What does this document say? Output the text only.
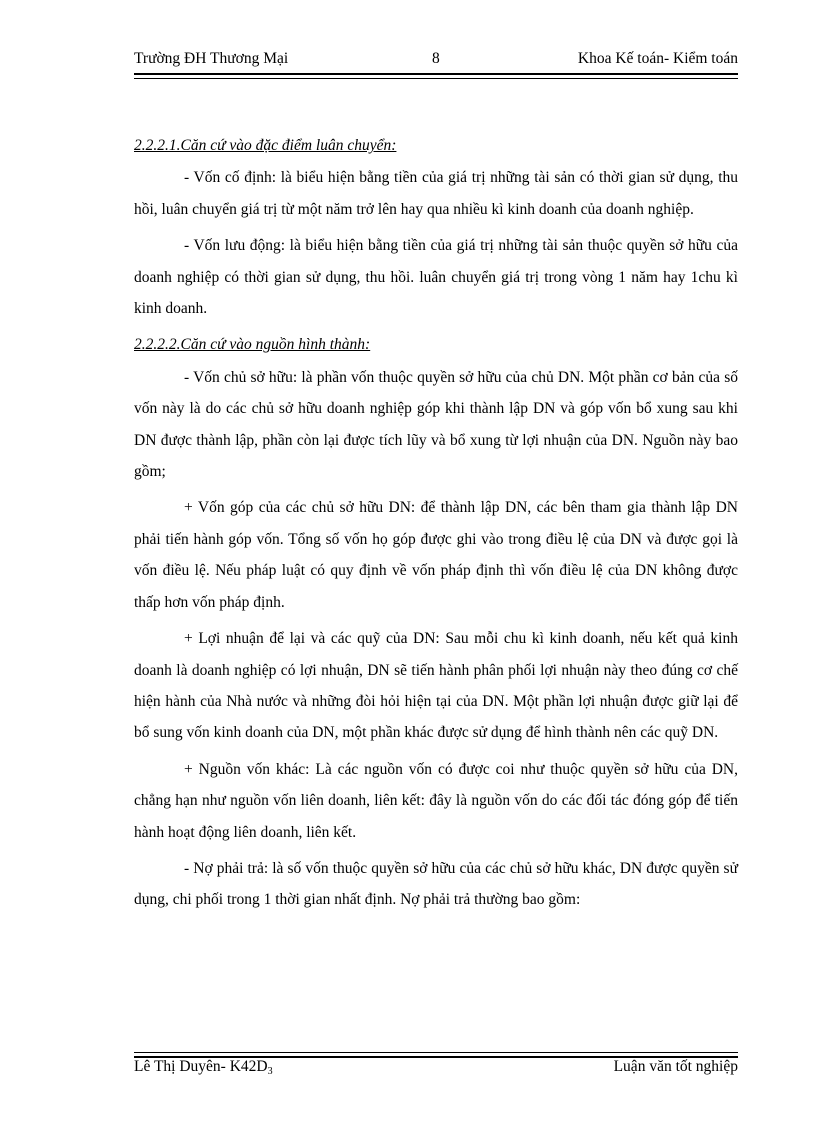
Trường ĐH Thương Mại	8	Khoa Kế toán- Kiểm toán

2.2.2.1.Căn cứ vào đặc điểm luân chuyển:

- Vốn cố định: là biểu hiện bằng tiền của giá trị những tài sản có thời gian sử dụng, thu hồi, luân chuyển giá trị từ một năm trở lên hay qua nhiều kì kinh doanh của doanh nghiệp.

- Vốn lưu động: là biểu hiện bằng tiền của giá trị những tài sản thuộc quyền sở hữu của doanh nghiệp có thời gian sử dụng, thu hồi. luân chuyển giá trị trong vòng 1 năm hay 1chu kì kinh doanh.

2.2.2.2.Căn cứ vào nguồn hình thành:

- Vốn chủ sở hữu: là phần vốn thuộc quyền sở hữu của chủ DN. Một phần cơ bản của số vốn này là do các chủ sở hữu doanh nghiệp góp khi thành lập DN và góp vốn bổ xung sau khi DN được thành lập, phần còn lại được tích lũy và bổ xung từ lợi nhuận của DN. Nguồn này bao gồm;

+ Vốn góp của các chủ sở hữu DN: để thành lập DN, các bên tham gia thành lập DN phải tiến hành góp vốn. Tổng số vốn họ góp được ghi vào trong điều lệ của DN và được gọi là vốn điều lệ. Nếu pháp luật có quy định về vốn pháp định thì vốn điều lệ của DN không được thấp hơn vốn pháp định.

+ Lợi nhuận để lại và các quỹ của DN: Sau mỗi chu kì kinh doanh, nếu kết quả kinh doanh là doanh nghiệp có lợi nhuận, DN sẽ tiến hành phân phối lợi nhuận này theo đúng cơ chế hiện hành của Nhà nước và những đòi hỏi hiện tại của DN. Một phần lợi nhuận được giữ lại để bổ sung vốn kinh doanh của DN, một phần khác được sử dụng để hình thành nên các quỹ DN.

+ Nguồn vốn khác: Là các nguồn vốn có được coi như thuộc quyền sở hữu của DN, chẳng hạn như nguồn vốn liên doanh, liên kết: đây là nguồn vốn do các đối tác đóng góp để tiến hành hoạt động liên doanh, liên kết.

- Nợ phải trả: là số vốn thuộc quyền sở hữu của các chủ sở hữu khác, DN được quyền sử dụng, chi phối trong 1 thời gian nhất định. Nợ phải trả thường bao gồm:

Lê Thị Duyên- $K42D_3$	Luận văn tốt nghiệp
